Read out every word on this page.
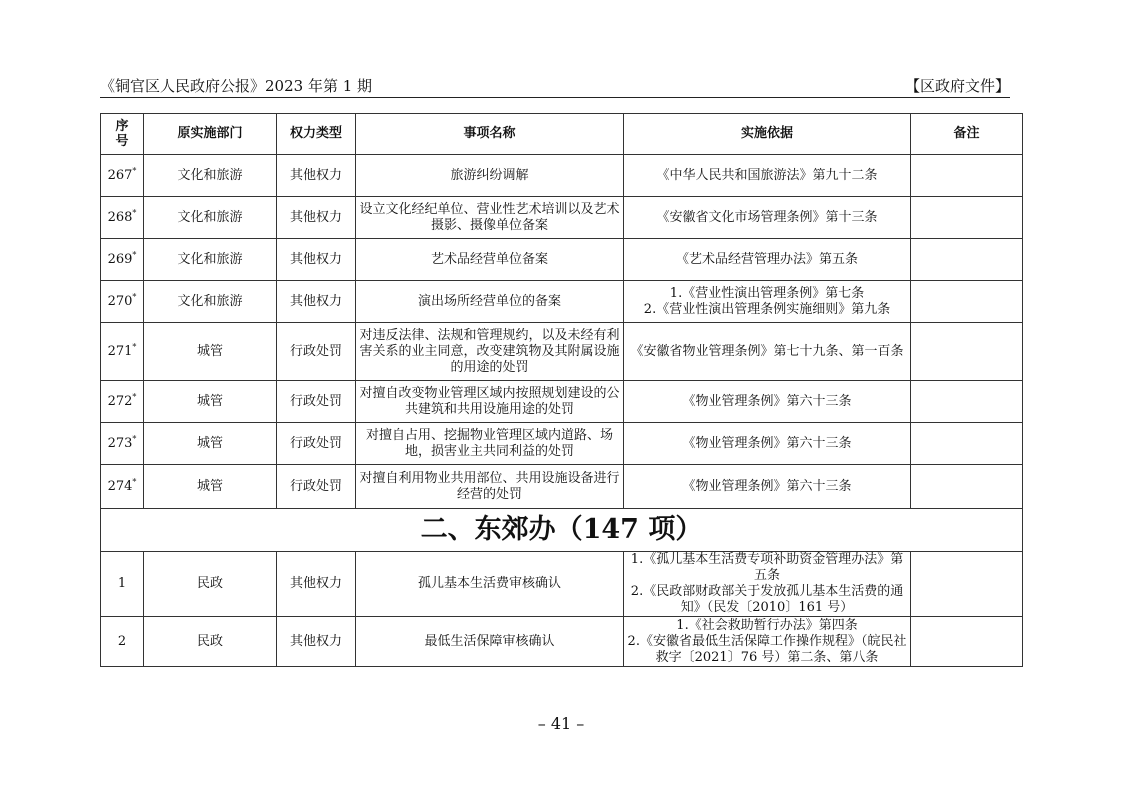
《铜官区人民政府公报》2023 年第 1 期	【区政府文件】
序号	原实施部门	权力类型	事项名称	实施依据	备注
267*	文化和旅游	其他权力	旅游纠纷调解	《中华人民共和国旅游法》第九十二条	
268*	文化和旅游	其他权力	设立文化经纪单位、营业性艺术培训以及艺术摄影、摄像单位备案	《安徽省文化市场管理条例》第十三条	
269*	文化和旅游	其他权力	艺术品经营单位备案	《艺术品经营管理办法》第五条	
270*	文化和旅游	其他权力	演出场所经营单位的备案	1.《营业性演出管理条例》第七条
2.《营业性演出管理条例实施细则》第九条	
271*	城管	行政处罚	对违反法律、法规和管理规约，以及未经有利害关系的业主同意，改变建筑物及其附属设施的用途的处罚	《安徽省物业管理条例》第七十九条、第一百条	
272*	城管	行政处罚	对擅自改变物业管理区域内按照规划建设的公共建筑和共用设施用途的处罚	《物业管理条例》第六十三条	
273*	城管	行政处罚	对擅自占用、挖掘物业管理区域内道路、场地，损害业主共同利益的处罚	《物业管理条例》第六十三条	
274*	城管	行政处罚	对擅自利用物业共用部位、共用设施设备进行经营的处罚	《物业管理条例》第六十三条	
二、东郊办（147 项）					
1	民政	其他权力	孤儿基本生活费审核确认	1.《孤儿基本生活费专项补助资金管理办法》第五条
2.《民政部财政部关于发放孤儿基本生活费的通知》（民发〔2010〕161 号）	
2	民政	其他权力	最低生活保障审核确认	1.《社会救助暂行办法》第四条
2.《安徽省最低生活保障工作操作规程》（皖民社救字〔2021〕76 号）第二条、第八条	
– 41 –
